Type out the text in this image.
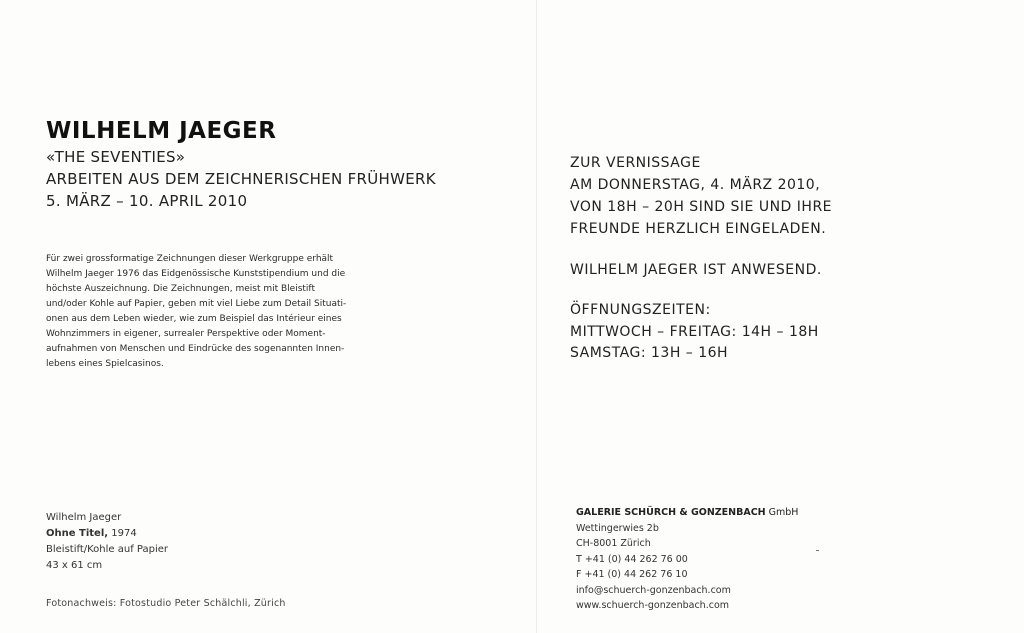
WILHELM JAEGER
«THE SEVENTIES»
ARBEITEN AUS DEM ZEICHNERISCHEN FRÜHWERK
5. MÄRZ – 10. APRIL 2010
Für zwei grossformatige Zeichnungen dieser Werkgruppe erhält
Wilhelm Jaeger 1976 das Eidgenössische Kunststipendium und die
höchste Auszeichnung. Die Zeichnungen, meist mit Bleistift
und/oder Kohle auf Papier, geben mit viel Liebe zum Detail Situati-
onen aus dem Leben wieder, wie zum Beispiel das Intérieur eines
Wohnzimmers in eigener, surrealer Perspektive oder Moment-
aufnahmen von Menschen und Eindrücke des sogenannten Innen-
lebens eines Spielcasinos.
Wilhelm Jaeger
Ohne Titel, 1974
Bleistift/Kohle auf Papier
43 x 61 cm
Fotonachweis: Fotostudio Peter Schälchli, Zürich
ZUR VERNISSAGE
AM DONNERSTAG, 4. MÄRZ 2010,
VON 18H – 20H SIND SIE UND IHRE
FREUNDE HERZLICH EINGELADEN.
WILHELM JAEGER IST ANWESEND.
ÖFFNUNGSZEITEN:
MITTWOCH – FREITAG: 14H – 18H
SAMSTAG: 13H – 16H
GALERIE SCHÜRCH & GONZENBACH GmbH
Wettingerwies 2b
CH-8001 Zürich
T +41 (0) 44 262 76 00
F +41 (0) 44 262 76 10
info@schuerch-gonzenbach.com
www.schuerch-gonzenbach.com
